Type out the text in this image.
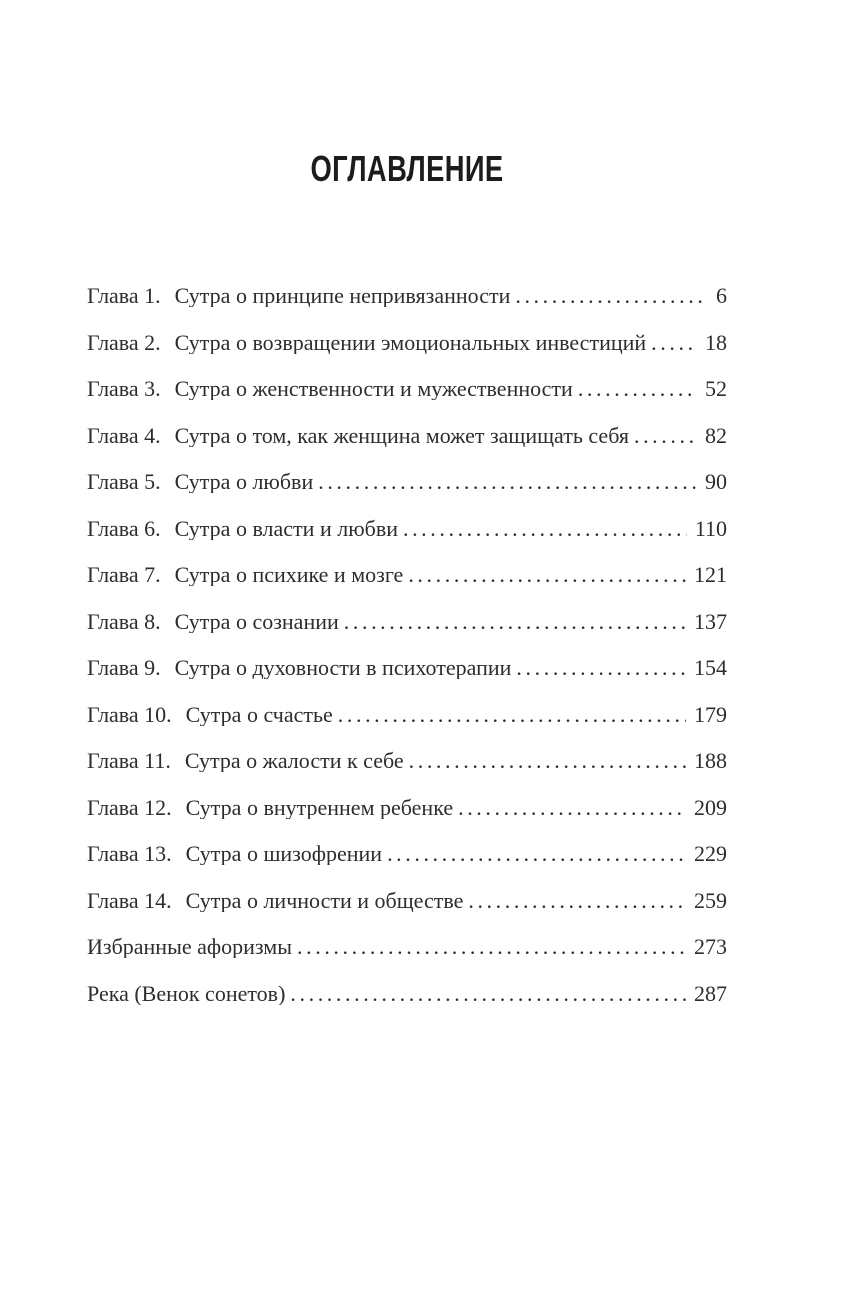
ОГЛАВЛЕНИЕ
Глава 1. Сутра о принципе непривязанности .....	6
Глава 2. Сутра о возвращении эмоциональных инвестиций .....	18
Глава 3. Сутра о женственности и мужественности .....	52
Глава 4. Сутра о том, как женщина может защищать себя .....	82
Глава 5. Сутра о любви .....	90
Глава 6. Сутра о власти и любви .....	110
Глава 7. Сутра о психике и мозге .....	121
Глава 8. Сутра о сознании .....	137
Глава 9. Сутра о духовности в психотерапии .....	154
Глава 10. Сутра о счастье .....	179
Глава 11. Сутра о жалости к себе .....	188
Глава 12. Сутра о внутреннем ребенке .....	209
Глава 13. Сутра о шизофрении .....	229
Глава 14. Сутра о личности и обществе .....	259
Избранные афоризмы .....	273
Река (Венок сонетов) .....	287
